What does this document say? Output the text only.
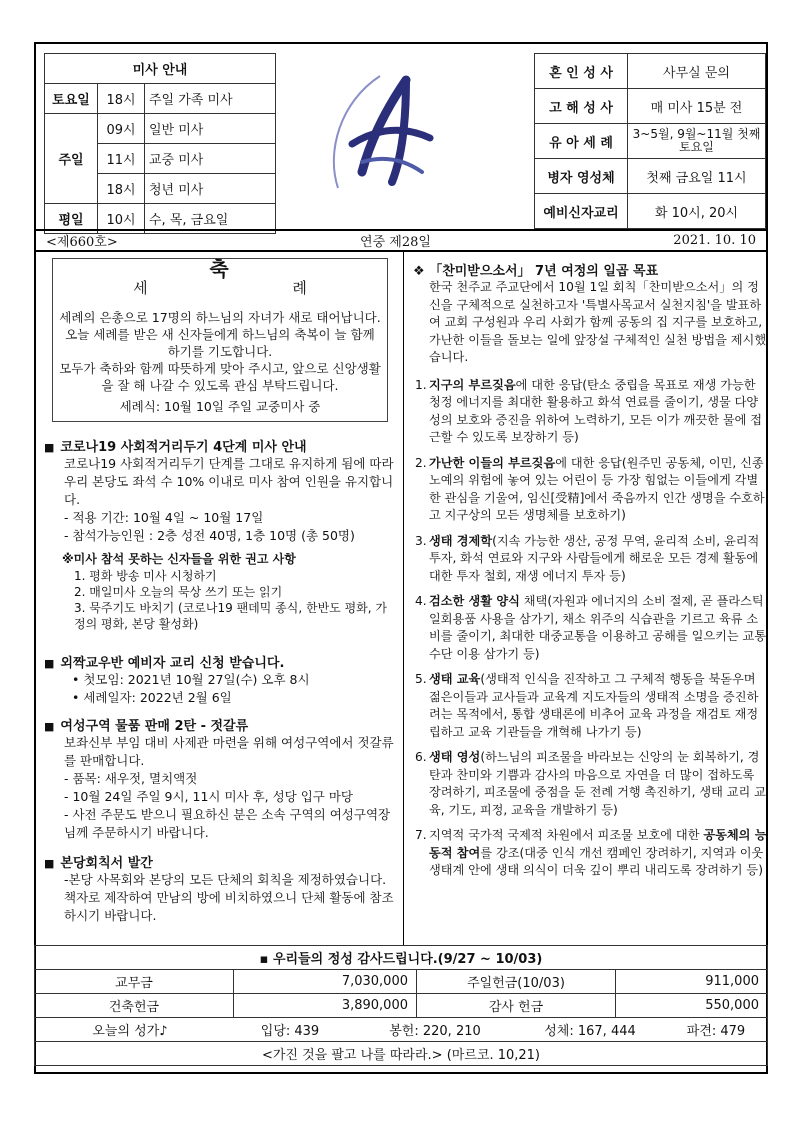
미사 안내		
토요일	18시	주일 가족 미사
주일	09시	일반 미사
	11시	교중 미사
	18시	청년 미사
평일	10시	수, 목, 금요일
혼 인 성 사	사무실 문의
고 해 성 사	매 미사 15분 전
유 아 세 례	3~5월, 9월~11월 첫째 토요일
병자 영성체	첫째 금요일 11시
예비신자교리	화 10시, 20시
<제660호>	연중 제28일	2021. 10. 10
축
세 례
세례의 은총으로 17명의 하느님의 자녀가 새로 태어납니다. 오늘 세례를 받은 새 신자들에게 하느님의 축복이 늘 함께 하기를 기도합니다.
모두가 축하와 함께 따뜻하게 맞아 주시고, 앞으로 신앙생활을 잘 해 나갈 수 있도록 관심 부탁드립니다.
세례식: 10월 10일 주일 교중미사 중
■ 코로나19 사회적거리두기 4단계 미사 안내
코로나19 사회적거리두기 단계를 그대로 유지하게 됨에 따라 우리 본당도 좌석 수 10% 이내로 미사 참여 인원을 유지합니다.
- 적용 기간: 10월 4일 ~ 10월 17일
- 참석가능인원 : 2층 성전 40명, 1층 10명 (총 50명)
※미사 참석 못하는 신자들을 위한 권고 사항
1. 평화 방송 미사 시청하기
2. 매일미사 오늘의 묵상 쓰기 또는 읽기
3. 묵주기도 바치기 (코로나19 팬데믹 종식, 한반도 평화, 가정의 평화, 본당 활성화)
■ 외짝교우반 예비자 교리 신청 받습니다.
• 첫모임: 2021년 10월 27일(수) 오후 8시
• 세례일자: 2022년 2월 6일
■ 여성구역 물품 판매 2탄 - 젓갈류
보좌신부 부임 대비 사제관 마련을 위해 여성구역에서 젓갈류를 판매합니다.
- 품목: 새우젓, 멸치액젓
- 10월 24일 주일 9시, 11시 미사 후, 성당 입구 마당
- 사전 주문도 받으니 필요하신 분은 소속 구역의 여성구역장님께 주문하시기 바랍니다.
■ 본당회칙서 발간
-본당 사목회와 본당의 모든 단체의 회칙을 제정하였습니다. 책자로 제작하여 만남의 방에 비치하였으니 단체 활동에 참조하시기 바랍니다.
❖ 「찬미받으소서」 7년 여정의 일곱 목표
한국 천주교 주교단에서 10월 1일 회칙「찬미받으소서」의 정신을 구체적으로 실천하고자 '특별사목교서 실천지침'을 발표하여 교회 구성원과 우리 사회가 함께 공동의 집 지구를 보호하고, 가난한 이들을 돌보는 일에 앞장설 구체적인 실천 방법을 제시했습니다.
1. 지구의 부르짖음에 대한 응답(탄소 중립을 목표로 재생 가능한 청정 에너지를 최대한 활용하고 화석 연료를 줄이기, 생물 다양성의 보호와 증진을 위하여 노력하기, 모든 이가 깨끗한 물에 접근할 수 있도록 보장하기 등)
2. 가난한 이들의 부르짖음에 대한 응답(원주민 공동체, 이민, 신종 노예의 위험에 놓여 있는 어린이 등 가장 힘없는 이들에게 각별한 관심을 기울여, 임신[受精]에서 죽음까지 인간 생명을 수호하고 지구상의 모든 생명체를 보호하기)
3. 생태 경제학(지속 가능한 생산, 공정 무역, 윤리적 소비, 윤리적 투자, 화석 연료와 지구와 사람들에게 해로운 모든 경제 활동에 대한 투자 철회, 재생 에너지 투자 등)
4. 검소한 생활 양식 채택(자원과 에너지의 소비 절제, 곧 플라스틱 일회용품 사용을 삼가기, 채소 위주의 식습관을 기르고 육류 소비를 줄이기, 최대한 대중교통을 이용하고 공해를 일으키는 교통수단 이용 삼가기 등)
5. 생태 교육(생태적 인식을 진작하고 그 구체적 행동을 북돋우며 젊은이들과 교사들과 교육계 지도자들의 생태적 소명을 증진하려는 목적에서, 통합 생태론에 비추어 교육 과정을 재검토 재정립하고 교육 기관들을 개혁해 나가기 등)
6. 생태 영성(하느님의 피조물을 바라보는 신앙의 눈 회복하기, 경탄과 찬미와 기쁨과 감사의 마음으로 자연을 더 많이 접하도록 장려하기, 피조물에 중점을 둔 전례 거행 촉진하기, 생태 교리 교육, 기도, 피정, 교육을 개발하기 등)
7. 지역적 국가적 국제적 차원에서 피조물 보호에 대한 공동체의 능동적 참여를 강조(대중 인식 개선 캠페인 장려하기, 지역과 이웃 생태계 안에 생태 의식이 더욱 깊이 뿌리 내리도록 장려하기 등)
▪ 우리들의 정성 감사드립니다.(9/27 ~ 10/03)			
교무금	7,030,000	주일헌금(10/03)	911,000
건축헌금	3,890,000	감사 헌금	550,000

오늘의 성가♪ 입당: 439 봉헌: 220, 210 성체: 167, 444 파견: 479			

<가진 것을 팔고 나를 따라라.> (마르코. 10,21)			
